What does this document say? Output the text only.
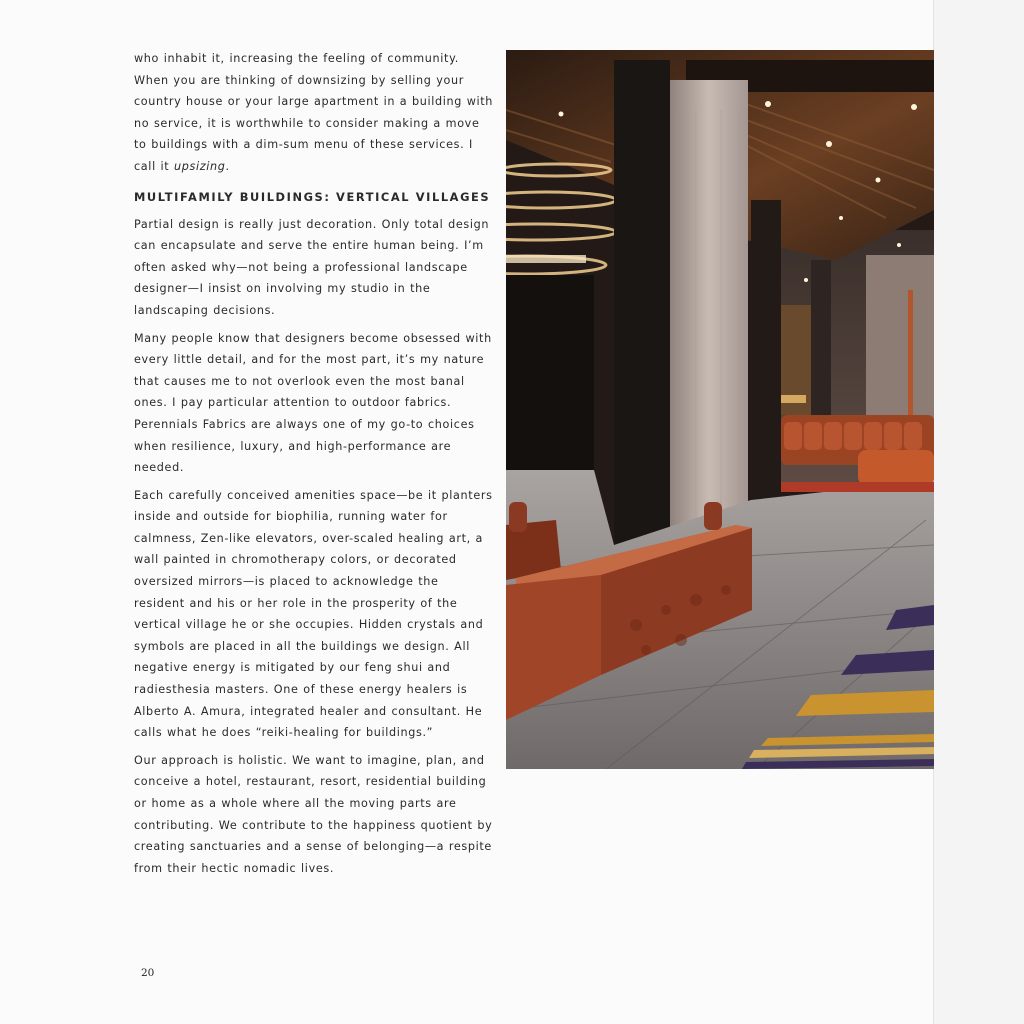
who inhabit it, increasing the feeling of community. When you are thinking of downsizing by selling your country house or your large apartment in a building with no service, it is worthwhile to consider making a move to buildings with a dim-sum menu of these services. I call it upsizing.

MULTIFAMILY BUILDINGS: VERTICAL VILLAGES

Partial design is really just decoration. Only total design can encapsulate and serve the entire human being. I’m often asked why—not being a professional landscape designer—I insist on involving my studio in the landscaping decisions.

Many people know that designers become obsessed with every little detail, and for the most part, it’s my nature that causes me to not overlook even the most banal ones. I pay particular attention to outdoor fabrics. Perennials Fabrics are always one of my go-to choices when resilience, luxury, and high-performance are needed.

Each carefully conceived amenities space—be it planters inside and outside for biophilia, running water for calmness, Zen-like elevators, over-scaled healing art, a wall painted in chromotherapy colors, or decorated oversized mirrors—is placed to acknowledge the resident and his or her role in the prosperity of the vertical village he or she occupies. Hidden crystals and symbols are placed in all the buildings we design. All negative energy is mitigated by our feng shui and radiesthesia masters. One of these energy healers is Alberto A. Amura, integrated healer and consultant. He calls what he does “reiki-healing for buildings.”

Our approach is holistic. We want to imagine, plan, and conceive a hotel, restaurant, resort, residential building or home as a whole where all the moving parts are contributing. We contribute to the happiness quotient by creating sanctuaries and a sense of belonging—a respite from their hectic nomadic lives.

20
